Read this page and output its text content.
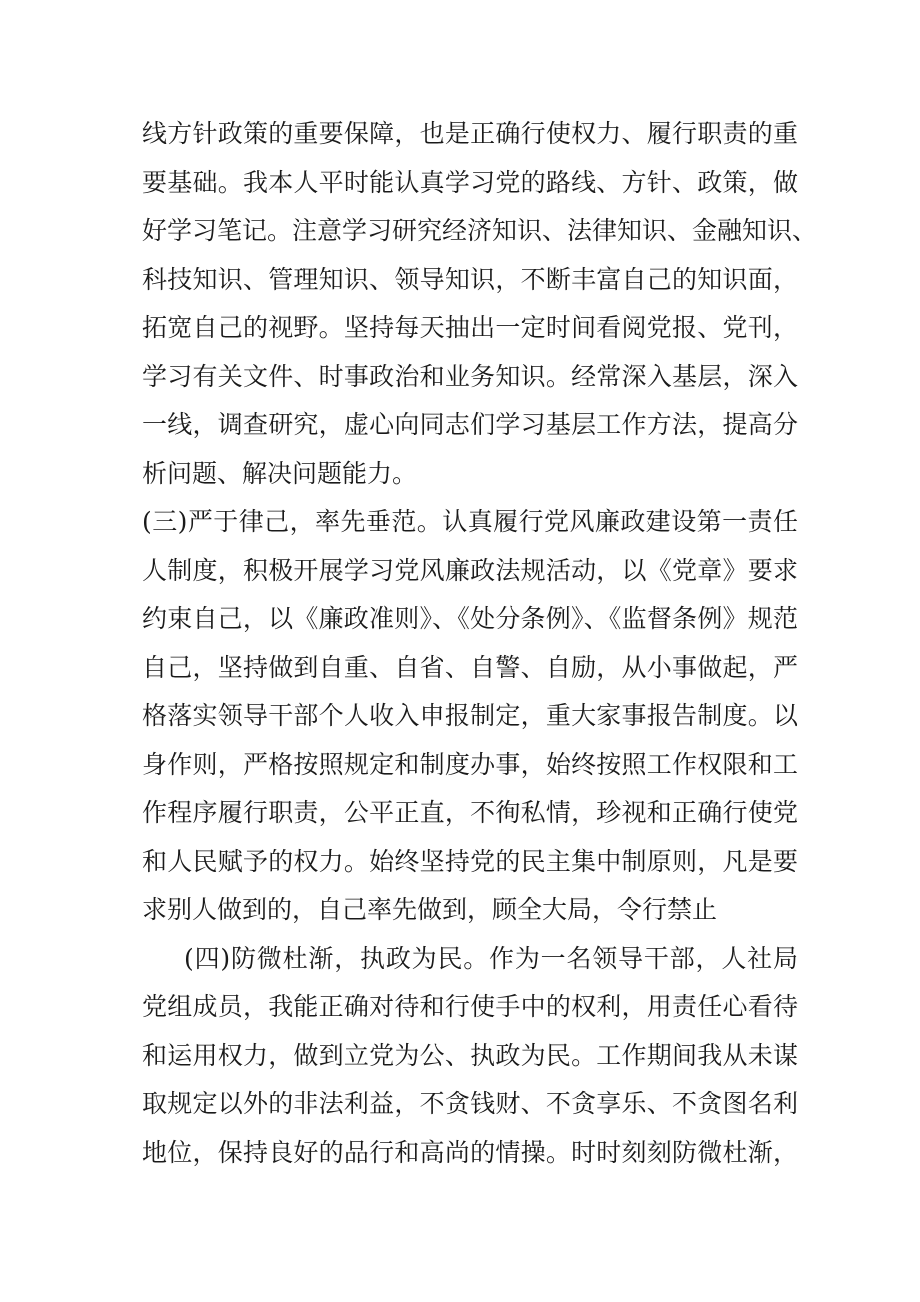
线方针政策的重要保障，也是正确行使权力、履行职责的重
要基础。我本人平时能认真学习党的路线、方针、政策，做
好学习笔记。注意学习研究经济知识、法律知识、金融知识、
科技知识、管理知识、领导知识，不断丰富自己的知识面，
拓宽自己的视野。坚持每天抽出一定时间看阅党报、党刊，
学习有关文件、时事政治和业务知识。经常深入基层，深入
一线，调查研究，虚心向同志们学习基层工作方法，提高分
析问题、解决问题能力。
(三)严于律己，率先垂范。认真履行党风廉政建设第一责任
人制度，积极开展学习党风廉政法规活动，以《党章》要求
约束自己，以《廉政准则》、《处分条例》、《监督条例》规范
自己，坚持做到自重、自省、自警、自励，从小事做起，严
格落实领导干部个人收入申报制定，重大家事报告制度。以
身作则，严格按照规定和制度办事，始终按照工作权限和工
作程序履行职责，公平正直，不徇私情，珍视和正确行使党
和人民赋予的权力。始终坚持党的民主集中制原则，凡是要
求别人做到的，自己率先做到，顾全大局，令行禁止
(四)防微杜渐，执政为民。作为一名领导干部，人社局
党组成员，我能正确对待和行使手中的权利，用责任心看待
和运用权力，做到立党为公、执政为民。工作期间我从未谋
取规定以外的非法利益，不贪钱财、不贪享乐、不贪图名利
地位，保持良好的品行和高尚的情操。时时刻刻防微杜渐，
